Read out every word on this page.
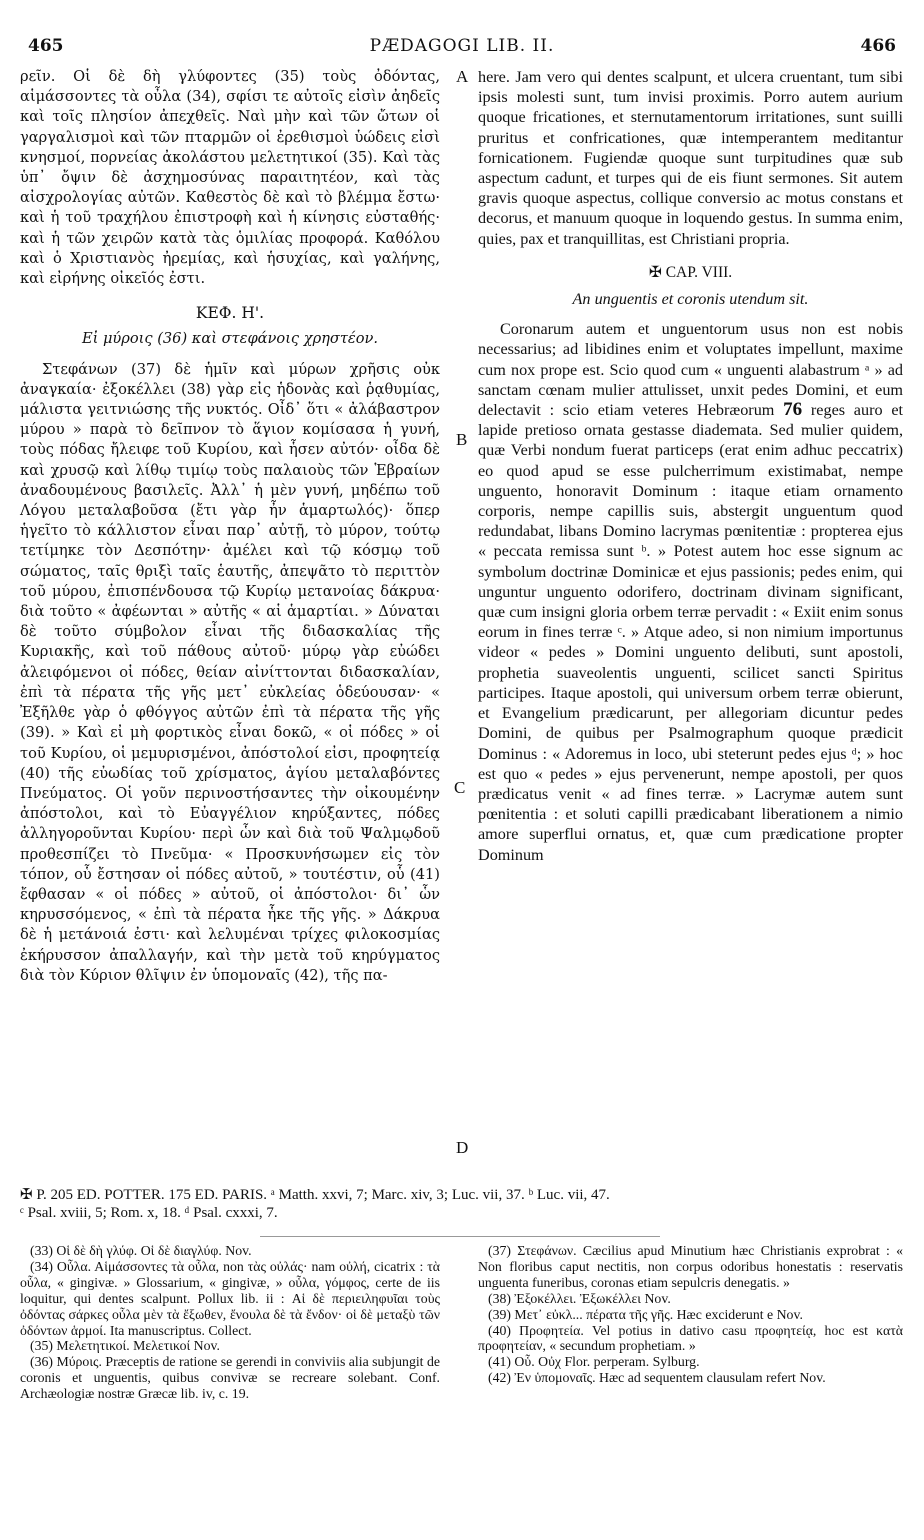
465	PÆDAGOGI LIB. II.	466

ρεῖν. Οἱ δὲ δὴ γλύφοντες (35) τοὺς ὀδόντας, αἱμάσσοντες τὰ οὖλα (34), σφίσι τε αὐτοῖς εἰσὶν ἀηδεῖς καὶ τοῖς πλησίον ἀπεχθεῖς. Ναὶ μὴν καὶ τῶν ὤτων οἱ γαργαλισμοὶ καὶ τῶν πταρμῶν οἱ ἐρεθισμοὶ ὑώδεις εἰσὶ κνησμοί, πορνείας ἀκολάστου μελετητικοί (35). Καὶ τὰς ὑπ᾽ ὄψιν δὲ ἀσχημοσύνας παραιτητέον, καὶ τὰς αἰσχρολογίας αὐτῶν. Καθεστὸς δὲ καὶ τὸ βλέμμα ἔστω· καὶ ἡ τοῦ τραχήλου ἐπιστροφὴ καὶ ἡ κίνησις εὐσταθής· καὶ ἡ τῶν χειρῶν κατὰ τὰς ὁμιλίας προφορά. Καθόλου καὶ ὁ Χριστιανὸς ἠρεμίας, καὶ ἡσυχίας, καὶ γαλήνης, καὶ εἰρήνης οἰκεῖός ἐστι.

ΚΕΦ. Η'.
Εἰ μύροις (36) καὶ στεφάνοις χρηστέον.

Στεφάνων (37) δὲ ἡμῖν καὶ μύρων χρῆσις οὐκ ἀναγκαία· ἐξοκέλλει (38) γὰρ εἰς ἡδονὰς καὶ ῥᾳθυμίας, μάλιστα γειτνιώσης τῆς νυκτός. Οἶδ᾽ ὅτι « ἀλάβαστρον μύρου » παρὰ τὸ δεῖπνον τὸ ἅγιον κομίσασα ἡ γυνή, τοὺς πόδας ἤλειφε τοῦ Κυρίου, καὶ ἧσεν αὐτόν· οἶδα δὲ καὶ χρυσῷ καὶ λίθῳ τιμίῳ τοὺς παλαιοὺς τῶν Ἑβραίων ἀναδουμένους βασιλεῖς. Ἀλλ᾽ ἡ μὲν γυνή, μηδέπω τοῦ Λόγου μεταλαβοῦσα (ἔτι γὰρ ἦν ἁμαρτωλός)· ὅπερ ἡγεῖτο τὸ κάλλιστον εἶναι παρ᾽ αὐτῇ, τὸ μύρον, τούτῳ τετίμηκε τὸν Δεσπότην· ἀμέλει καὶ τῷ κόσμῳ τοῦ σώματος, ταῖς θριξὶ ταῖς ἑαυτῆς, ἀπεψᾶτο τὸ περιττὸν τοῦ μύρου, ἐπισπένδουσα τῷ Κυρίῳ μετανοίας δάκρυα· διὰ τοῦτο « ἀφέωνται » αὐτῆς « αἱ ἁμαρτίαι. » Δύναται δὲ τοῦτο σύμβολον εἶναι τῆς διδασκαλίας τῆς Κυριακῆς, καὶ τοῦ πάθους αὐτοῦ· μύρῳ γὰρ εὐώδει ἀλειφόμενοι οἱ πόδες, θείαν αἰνίττονται διδασκαλίαν, ἐπὶ τὰ πέρατα τῆς γῆς μετ᾽ εὐκλείας ὁδεύουσαν· « Ἐξῆλθε γὰρ ὁ φθόγγος αὐτῶν ἐπὶ τὰ πέρατα τῆς γῆς (39). » Καὶ εἰ μὴ φορτικὸς εἶναι δοκῶ, « οἱ πόδες » οἱ τοῦ Κυρίου, οἱ μεμυρισμένοι, ἀπόστολοί εἰσι, προφητείᾳ (40) τῆς εὐωδίας τοῦ χρίσματος, ἁγίου μεταλαβόντες Πνεύματος. Οἱ γοῦν περινοστήσαντες τὴν οἰκουμένην ἀπόστολοι, καὶ τὸ Εὐαγγέλιον κηρύξαντες, πόδες ἀλληγοροῦνται Κυρίου· περὶ ὧν καὶ διὰ τοῦ Ψαλμῳδοῦ προθεσπίζει τὸ Πνεῦμα· « Προσκυνήσωμεν εἰς τὸν τόπον, οὗ ἔστησαν οἱ πόδες αὐτοῦ, » τουτέστιν, οὗ (41) ἔφθασαν « οἱ πόδες » αὐτοῦ, οἱ ἀπόστολοι· δι᾽ ὧν κηρυσσόμενος, « ἐπὶ τὰ πέρατα ἧκε τῆς γῆς. » Δάκρυα δὲ ἡ μετάνοιά ἐστι· καὶ λελυμέναι τρίχες φιλοκοσμίας ἐκήρυσσον ἀπαλλαγήν, καὶ τὴν μετὰ τοῦ κηρύγματος διὰ τὸν Κύριον θλῖψιν ἐν ὑπομοναῖς (42), τῆς πα-

A
B
C
D

here. Jam vero qui dentes scalpunt, et ulcera cruentant, tum sibi ipsis molesti sunt, tum invisi proximis. Porro autem aurium quoque fricationes, et sternutamentorum irritationes, sunt suilli pruritus et confricationes, quæ intemperantem meditantur fornicationem. Fugiendæ quoque sunt turpitudines quæ sub aspectum cadunt, et turpes qui de eis fiunt sermones. Sit autem gravis quoque aspectus, collique conversio ac motus constans et decorus, et manuum quoque in loquendo gestus. In summa enim, quies, pax et tranquillitas, est Christiani propria.

✠ CAP. VIII.
An unguentis et coronis utendum sit.

Coronarum autem et unguentorum usus non est nobis necessarius; ad libidines enim et voluptates impellunt, maxime cum nox prope est. Scio quod cum « unguenti alabastrum ᵃ » ad sanctam cœnam mulier attulisset, unxit pedes Domini, et eum delectavit : scio etiam veteres Hebræorum 76 reges auro et lapide pretioso ornata gestasse diademata. Sed mulier quidem, quæ Verbi nondum fuerat particeps (erat enim adhuc peccatrix) eo quod apud se esse pulcherrimum existimabat, nempe unguento, honoravit Dominum : itaque etiam ornamento corporis, nempe capillis suis, abstergit unguentum quod redundabat, libans Domino lacrymas pœnitentiæ : propterea ejus « peccata remissa sunt ᵇ. » Potest autem hoc esse signum ac symbolum doctrinæ Dominicæ et ejus passionis; pedes enim, qui unguntur unguento odorifero, doctrinam divinam significant, quæ cum insigni gloria orbem terræ pervadit : « Exiit enim sonus eorum in fines terræ ᶜ. » Atque adeo, si non nimium importunus videor « pedes » Domini unguento delibuti, sunt apostoli, prophetia suaveolentis unguenti, scilicet sancti Spiritus participes. Itaque apostoli, qui universum orbem terræ obierunt, et Evangelium prædicarunt, per allegoriam dicuntur pedes Domini, de quibus per Psalmographum quoque prædicit Dominus : « Adoremus in loco, ubi steterunt pedes ejus ᵈ; » hoc est quo « pedes » ejus pervenerunt, nempe apostoli, per quos prædicatus venit « ad fines terræ. » Lacrymæ autem sunt pœnitentia : et soluti capilli prædicabant liberationem a nimio amore superflui ornatus, et, quæ cum prædicatione propter Dominum

✠ P. 205 ED. POTTER. 175 ED. PARIS. ᵃ Matth. xxvi, 7; Marc. xiv, 3; Luc. vii, 37. ᵇ Luc. vii, 47.
ᶜ Psal. xviii, 5; Rom. x, 18. ᵈ Psal. cxxxi, 7.

(33) Οἱ δὲ δὴ γλύφ. Οἱ δὲ διαγλύφ. Nov.

(34) Οὖλα. Αἱμάσσοντες τὰ οὖλα, non τὰς οὐλάς· nam οὐλή, cicatrix : τὰ οὖλα, « gingivæ. » Glossarium, « gingivæ, » οὖλα, γόμφος, certe de iis loquitur, qui dentes scalpunt. Pollux lib. ii : Αἱ δὲ περιειληφυῖαι τοὺς ὀδόντας σάρκες οὖλα μὲν τὰ ἔξωθεν, ἔνουλα δὲ τὰ ἔνδον· οἱ δὲ μεταξὺ τῶν ὀδόντων ἁρμοί. Ita manuscriptus. Collect.

(35) Μελετητικοί. Μελετικοί Nov.

(36) Μύροις. Præceptis de ratione se gerendi in conviviis alia subjungit de coronis et unguentis, quibus convivæ se recreare solebant. Conf. Archæologiæ nostræ Græcæ lib. iv, c. 19.

(37) Στεφάνων. Cæcilius apud Minutium hæc Christianis exprobrat : « Non floribus caput nectitis, non corpus odoribus honestatis : reservatis unguenta funeribus, coronas etiam sepulcris denegatis. »

(38) Ἐξοκέλλει. Ἐξωκέλλει Nov.

(39) Μετ᾽ εὐκλ... πέρατα τῆς γῆς. Hæc exciderunt e Nov.

(40) Προφητεία. Vel potius in dativo casu προφητείᾳ, hoc est κατὰ προφητείαν, « secundum prophetiam. »

(41) Οὗ. Οὐχ Flor. perperam. Sylburg.

(42) Ἐν ὑπομοναῖς. Hæc ad sequentem clausulam refert Nov.
